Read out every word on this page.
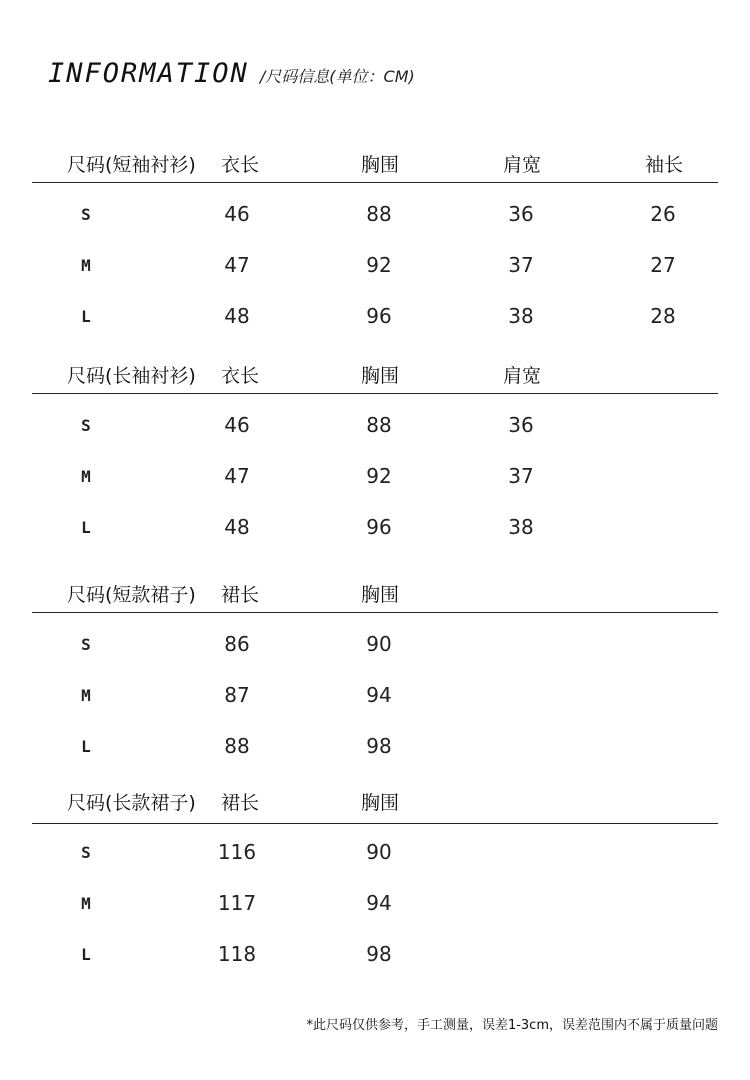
INFORMATION /尺码信息(单位：CM)
尺码(短袖衬衫) 衣长	胸围	肩宽	袖长
S	46	88	36	26
M	47	92	37	27
L	48	96	38	28
尺码(长袖衬衫) 衣长	胸围	肩宽
S	46	88	36
M	47	92	37
L	48	96	38
尺码(短款裙子) 裙长	胸围
S	86	90
M	87	94
L	88	98
尺码(长款裙子) 裙长	胸围
S	116	90
M	117	94
L	118	98
*此尺码仅供参考，手工测量，误差1-3cm，误差范围内不属于质量问题
